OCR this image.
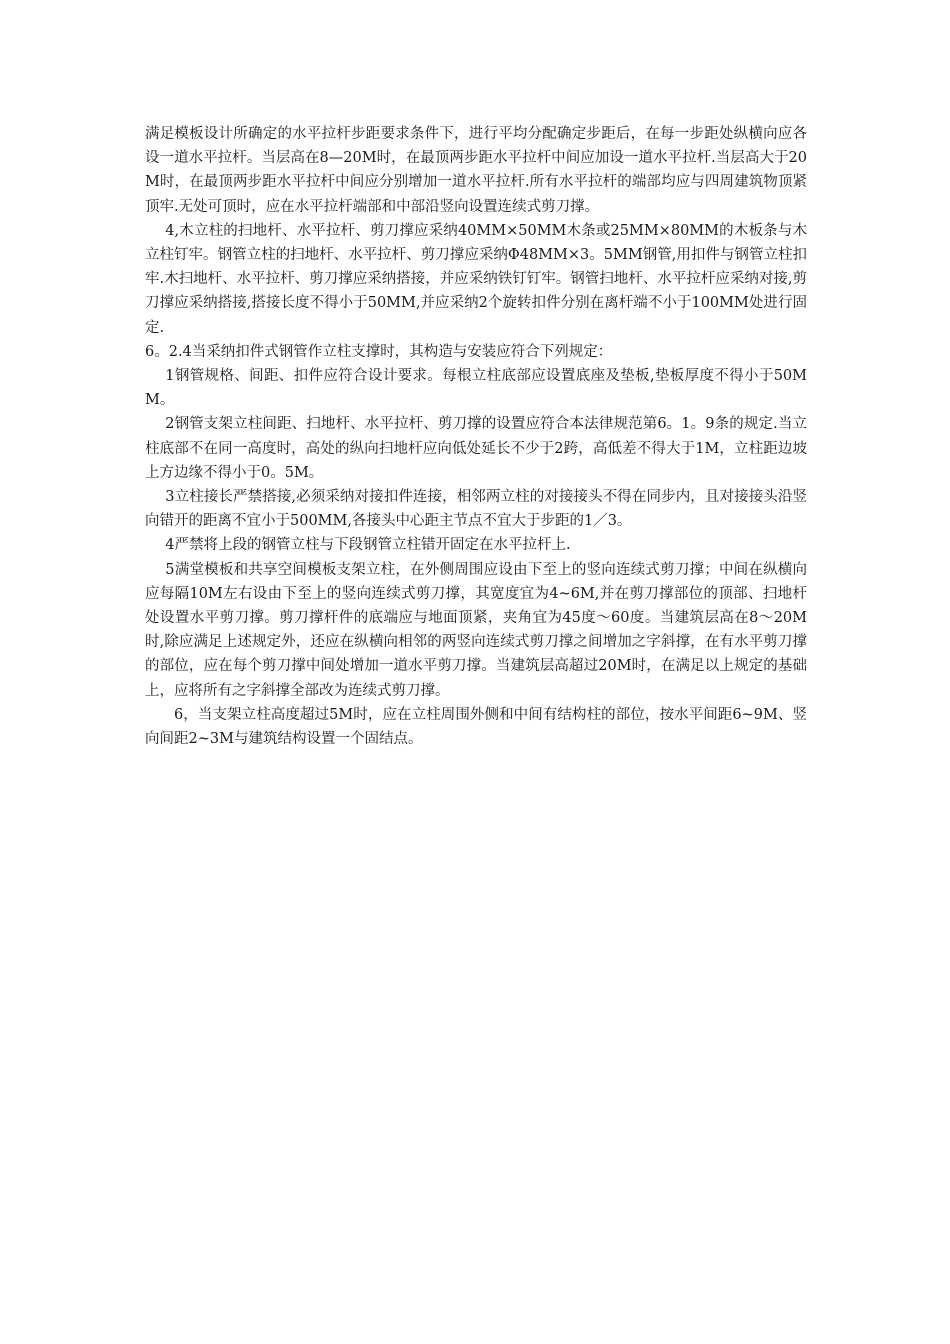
满足模板设计所确定的水平拉杆步距要求条件下，进行平均分配确定步距后，在每一步距处纵横向应各设一道水平拉杆。当层高在8—20M时，在最顶两步距水平拉杆中间应加设一道水平拉杆.当层高大于20M时，在最顶两步距水平拉杆中间应分别增加一道水平拉杆.所有水平拉杆的端部均应与四周建筑物顶紧顶牢.无处可顶时，应在水平拉杆端部和中部沿竖向设置连续式剪刀撑。

4,木立柱的扫地杆、水平拉杆、剪刀撑应采纳40MM×50MM木条或25MM×80MM的木板条与木立柱钉牢。钢管立柱的扫地杆、水平拉杆、剪刀撑应采纳Φ48MM×3。5MM钢管,用扣件与钢管立柱扣牢.木扫地杆、水平拉杆、剪刀撑应采纳搭接，并应采纳铁钉钉牢。钢管扫地杆、水平拉杆应采纳对接,剪刀撑应采纳搭接,搭接长度不得小于50MM,并应采纳2个旋转扣件分别在离杆端不小于100MM处进行固定.

6。2.4当采纳扣件式钢管作立柱支撑时，其构造与安装应符合下列规定：

1钢管规格、间距、扣件应符合设计要求。每根立柱底部应设置底座及垫板,垫板厚度不得小于50MM。

2钢管支架立柱间距、扫地杆、水平拉杆、剪刀撑的设置应符合本法律规范第6。1。9条的规定.当立柱底部不在同一高度时，高处的纵向扫地杆应向低处延长不少于2跨，高低差不得大于1M，立柱距边坡上方边缘不得小于0。5M。

3立柱接长严禁搭接,必须采纳对接扣件连接，相邻两立柱的对接接头不得在同步内，且对接接头沿竖向错开的距离不宜小于500MM,各接头中心距主节点不宜大于步距的1／3。

4严禁将上段的钢管立柱与下段钢管立柱错开固定在水平拉杆上.

5满堂模板和共享空间模板支架立柱，在外侧周围应设由下至上的竖向连续式剪刀撑；中间在纵横向应每隔10M左右设由下至上的竖向连续式剪刀撑，其宽度宜为4~6M,并在剪刀撑部位的顶部、扫地杆处设置水平剪刀撑。剪刀撑杆件的底端应与地面顶紧，夹角宜为45度～60度。当建筑层高在8～20M时,除应满足上述规定外，还应在纵横向相邻的两竖向连续式剪刀撑之间增加之字斜撑，在有水平剪刀撑的部位，应在每个剪刀撑中间处增加一道水平剪刀撑。当建筑层高超过20M时，在满足以上规定的基础上，应将所有之字斜撑全部改为连续式剪刀撑。

6，当支架立柱高度超过5M时，应在立柱周围外侧和中间有结构柱的部位，按水平间距6~9M、竖向间距2~3M与建筑结构设置一个固结点。
